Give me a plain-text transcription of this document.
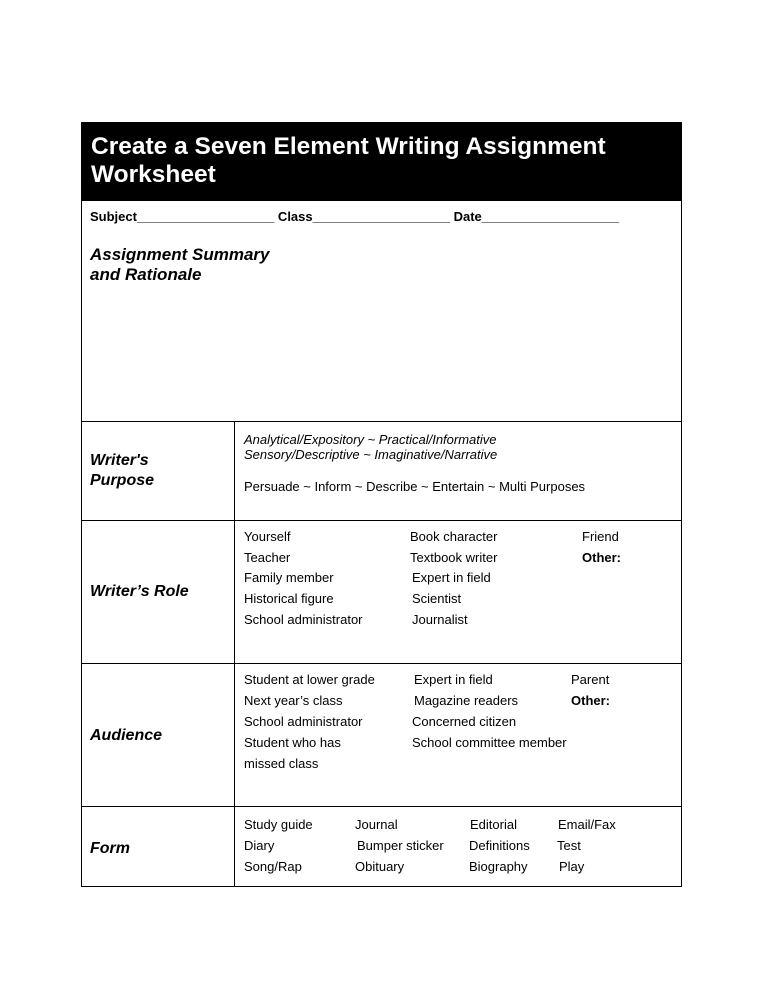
Create a Seven Element Writing Assignment
Worksheet
Subject___________________ Class___________________ Date___________________
Assignment Summary
and Rationale
Writer's
Purpose
Analytical/Expository ~ Practical/Informative
Sensory/Descriptive ~ Imaginative/Narrative
Persuade ~ Inform ~ Describe ~ Entertain ~ Multi Purposes
Writer’s Role
Yourself
Teacher
Family member
Historical figure
School administrator
Book character
Textbook writer
Expert in field
Scientist
Journalist
Friend
Other:
Audience
Student at lower grade
Next year’s class
School administrator
Student who has
missed class
Expert in field
Magazine readers
Concerned citizen
School committee member
Parent
Other:
Form
Study guide
Diary
Song/Rap
Journal
Bumper sticker
Obituary
Editorial
Definitions
Biography
Email/Fax
Test
Play
